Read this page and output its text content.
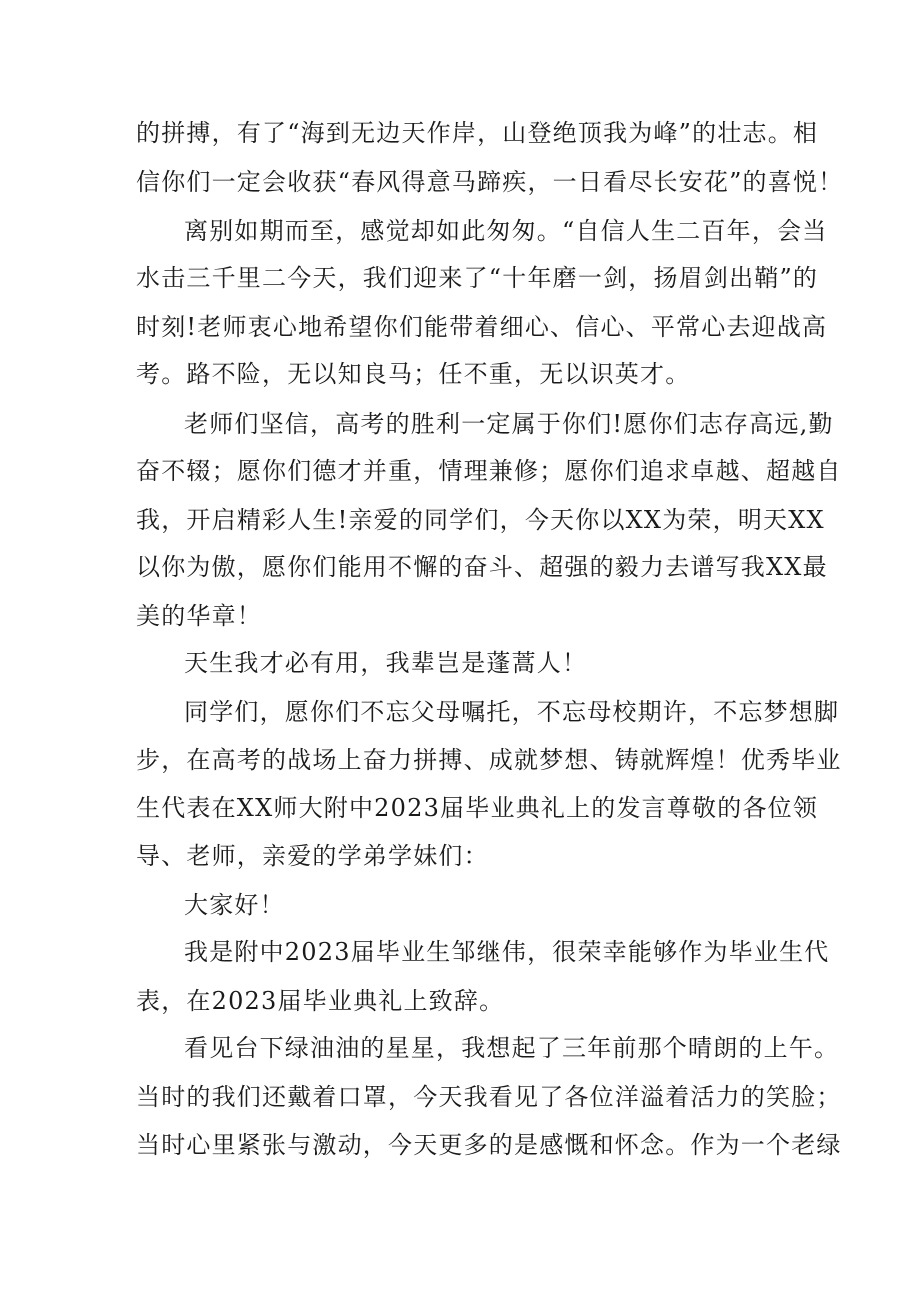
的拼搏，有了“海到无边天作岸，山登绝顶我为峰”的壮志。相

信你们一定会收获“春风得意马蹄疾，一日看尽长安花”的喜悦！

离别如期而至，感觉却如此匆匆。“自信人生二百年，会当

水击三千里二今天，我们迎来了“十年磨一剑，扬眉剑出鞘”的

时刻!老师衷心地希望你们能带着细心、信心、平常心去迎战高

考。路不险，无以知良马；任不重，无以识英才。

老师们坚信，高考的胜利一定属于你们!愿你们志存高远,勤

奋不辍；愿你们德才并重，情理兼修；愿你们追求卓越、超越自

我，开启精彩人生!亲爱的同学们，今天你以XX为荣，明天XX

以你为傲，愿你们能用不懈的奋斗、超强的毅力去谱写我XX最

美的华章！

天生我才必有用，我辈岂是蓬蒿人！

同学们，愿你们不忘父母嘱托，不忘母校期许，不忘梦想脚

步，在高考的战场上奋力拼搏、成就梦想、铸就辉煌！优秀毕业

生代表在XX师大附中2023届毕业典礼上的发言尊敬的各位领

导、老师，亲爱的学弟学妹们：

大家好！

我是附中2023届毕业生邹继伟，很荣幸能够作为毕业生代

表，在2023届毕业典礼上致辞。

看见台下绿油油的星星，我想起了三年前那个晴朗的上午。

当时的我们还戴着口罩，今天我看见了各位洋溢着活力的笑脸；

当时心里紧张与激动，今天更多的是感慨和怀念。作为一个老绿
